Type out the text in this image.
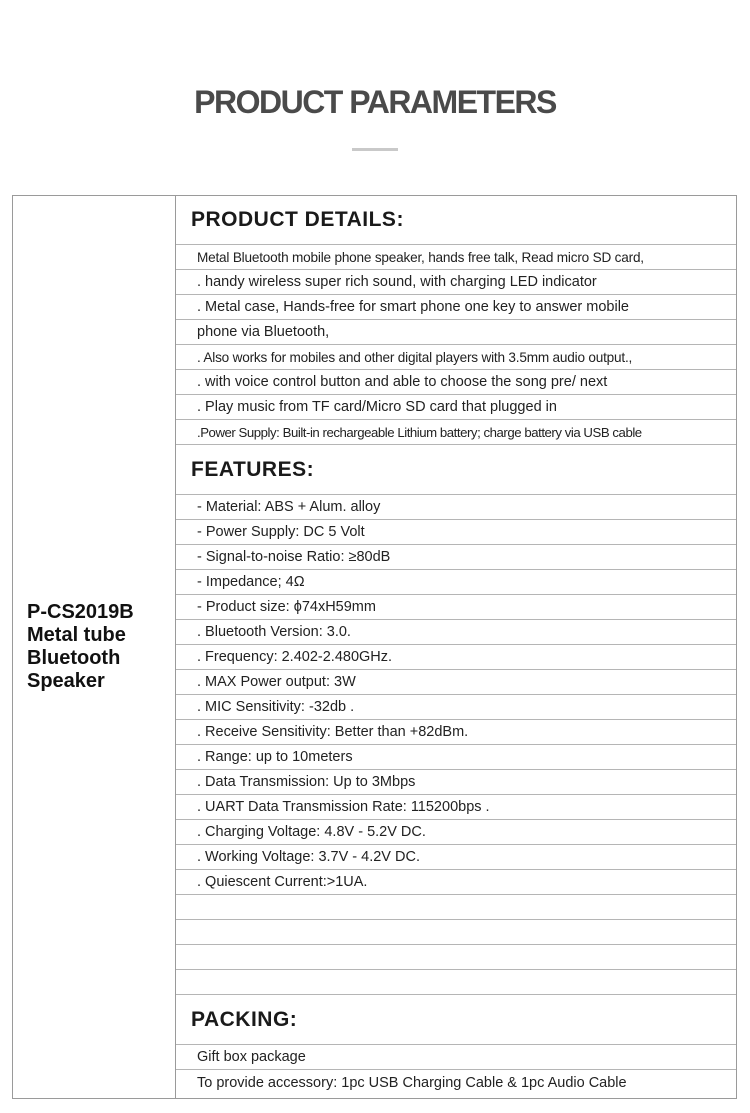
PRODUCT PARAMETERS
P-CS2019B
Metal tube
Bluetooth
Speaker
PRODUCT DETAILS:
Metal Bluetooth mobile phone speaker, hands free talk, Read micro SD card,
. handy wireless super rich sound, with charging LED indicator
. Metal case, Hands-free for smart phone one key to answer mobile
phone via Bluetooth,
. Also works for mobiles and other digital players with 3.5mm audio output.,
. with voice control button and able to choose the song pre/ next
. Play music from TF card/Micro SD card that plugged in
.Power Supply: Built-in rechargeable Lithium battery; charge battery via USB cable
FEATURES:
- Material: ABS + Alum. alloy
- Power Supply: DC 5 Volt
- Signal-to-noise Ratio: ≥80dB
- Impedance; 4Ω
- Product size: ϕ74xH59mm
. Bluetooth Version: 3.0.
. Frequency: 2.402-2.480GHz.
. MAX Power output: 3W
. MIC Sensitivity: -32db .
. Receive Sensitivity: Better than +82dBm.
. Range: up to 10meters
. Data Transmission: Up to 3Mbps
. UART Data Transmission Rate: 115200bps .
. Charging Voltage: 4.8V - 5.2V DC.
. Working Voltage: 3.7V - 4.2V DC.
. Quiescent Current:>1UA.
PACKING:
Gift box package
To provide accessory: 1pc USB Charging Cable & 1pc Audio Cable
